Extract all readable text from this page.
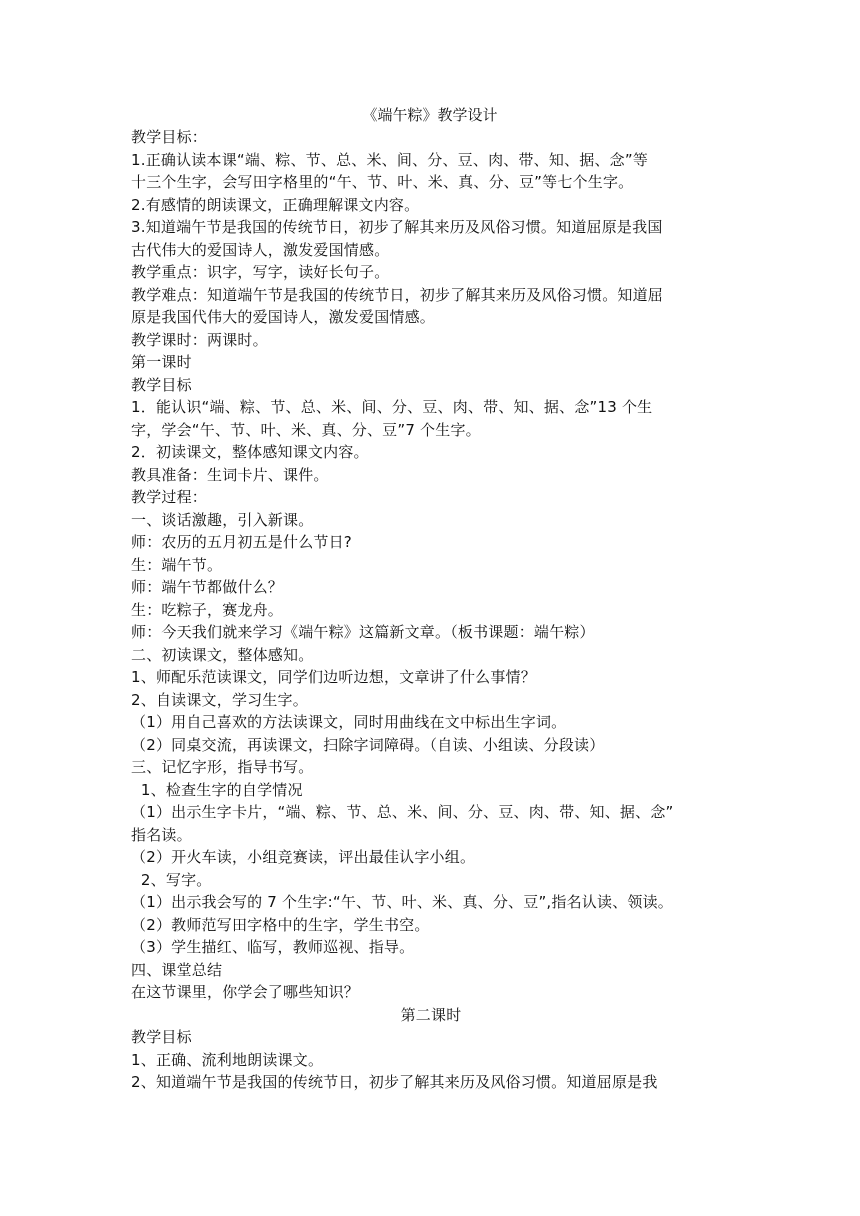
《端午粽》教学设计
教学目标：
1.正确认读本课“端、粽、节、总、米、间、分、豆、肉、带、知、据、念”等
十三个生字，会写田字格里的“午、节、叶、米、真、分、豆”等七个生字。
2.有感情的朗读课文，正确理解课文内容。
3.知道端午节是我国的传统节日，初步了解其来历及风俗习惯。知道屈原是我国
古代伟大的爱国诗人，激发爱国情感。
教学重点：识字，写字，读好长句子。
教学难点：知道端午节是我国的传统节日，初步了解其来历及风俗习惯。知道屈
原是我国代伟大的爱国诗人，激发爱国情感。
教学课时：两课时。
第一课时
教学目标
1．能认识“端、粽、节、总、米、间、分、豆、肉、带、知、据、念”13 个生
字，学会“午、节、叶、米、真、分、豆”7 个生字。
2．初读课文，整体感知课文内容。
教具准备：生词卡片、课件。
教学过程：
一、谈话激趣，引入新课。
师：农历的五月初五是什么节日?
生：端午节。
师：端午节都做什么？
生：吃粽子，赛龙舟。
师：今天我们就来学习《端午粽》这篇新文章。（板书课题：端午粽）
二、初读课文，整体感知。
1、师配乐范读课文，同学们边听边想，文章讲了什么事情？
2、自读课文，学习生字。
（1）用自己喜欢的方法读课文，同时用曲线在文中标出生字词。
（2）同桌交流，再读课文，扫除字词障碍。（自读、小组读、分段读）
三、记忆字形，指导书写。
1、检查生字的自学情况
（1）出示生字卡片，“端、粽、节、总、米、间、分、豆、肉、带、知、据、念”
指名读。
（2）开火车读，小组竞赛读，评出最佳认字小组。
2、写字。
（1）出示我会写的 7 个生字:“午、节、叶、米、真、分、豆”,指名认读、领读。
（2）教师范写田字格中的生字，学生书空。
（3）学生描红、临写，教师巡视、指导。
四、课堂总结
在这节课里，你学会了哪些知识？
第二课时
教学目标
1、正确、流利地朗读课文。
2、知道端午节是我国的传统节日，初步了解其来历及风俗习惯。知道屈原是我
